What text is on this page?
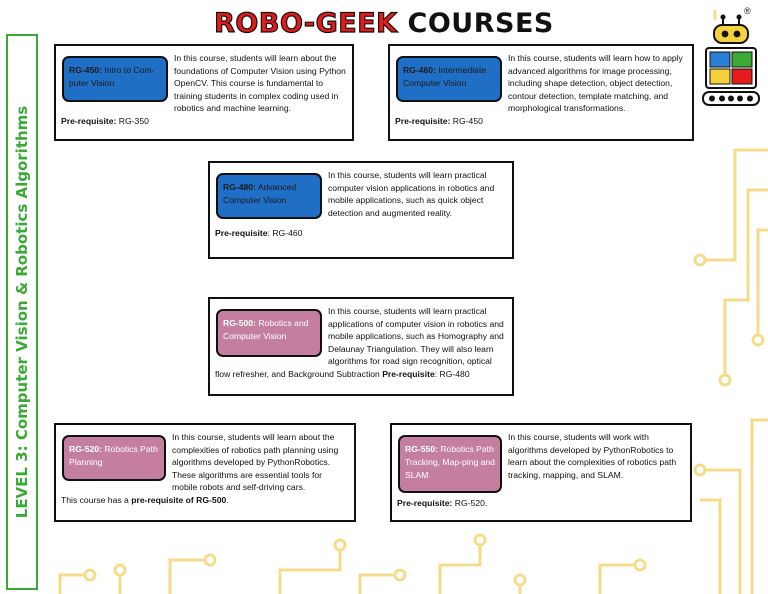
ROBO-GEEK COURSES
LEVEL 3: Computer Vision & Robotics Algorithms
®
RG-450: Intro to Com-puter Vision
In this course, students will learn about the foundations of Computer Vision using Python OpenCV. This course is fundamental to training students in complex coding used in robotics and machine learning.
Pre-requisite: RG-350
RG-460: Intermediate Computer Vision
In this course, students will learn how to apply advanced algorithms for image processing, including shape detection, object detection, contour detection, template matching, and morphological transformations.
Pre-requisite: RG-450
RG-480: Advanced Computer Vision
In this course, students will learn practical computer vision applications in robotics and mobile applications, such as quick object detection and augmented reality.
Pre-requisite: RG-460
RG-500: Robotics and Computer Vision
In this course, students will learn practical applications of computer vision in robotics and mobile applications, such as Homography and Delaunay Triangulation. They will also learn algorithms for road sign recognition, optical flow refresher, and Background Subtraction Pre-requisite: RG-480
RG-520: Robotics Path Planning
In this course, students will learn about the complexities of robotics path planning using algorithms developed by PythonRobotics. These algorithms are essential tools for mobile robots and self-driving cars.
This course has a pre-requisite of RG-500.
RG-550: Robotics Path Tracking, Map-ping and SLAM
In this course, students will work with algorithms developed by PythonRobotics to learn about the complexities of robotics path tracking, mapping, and SLAM.
Pre-requisite: RG-520.
